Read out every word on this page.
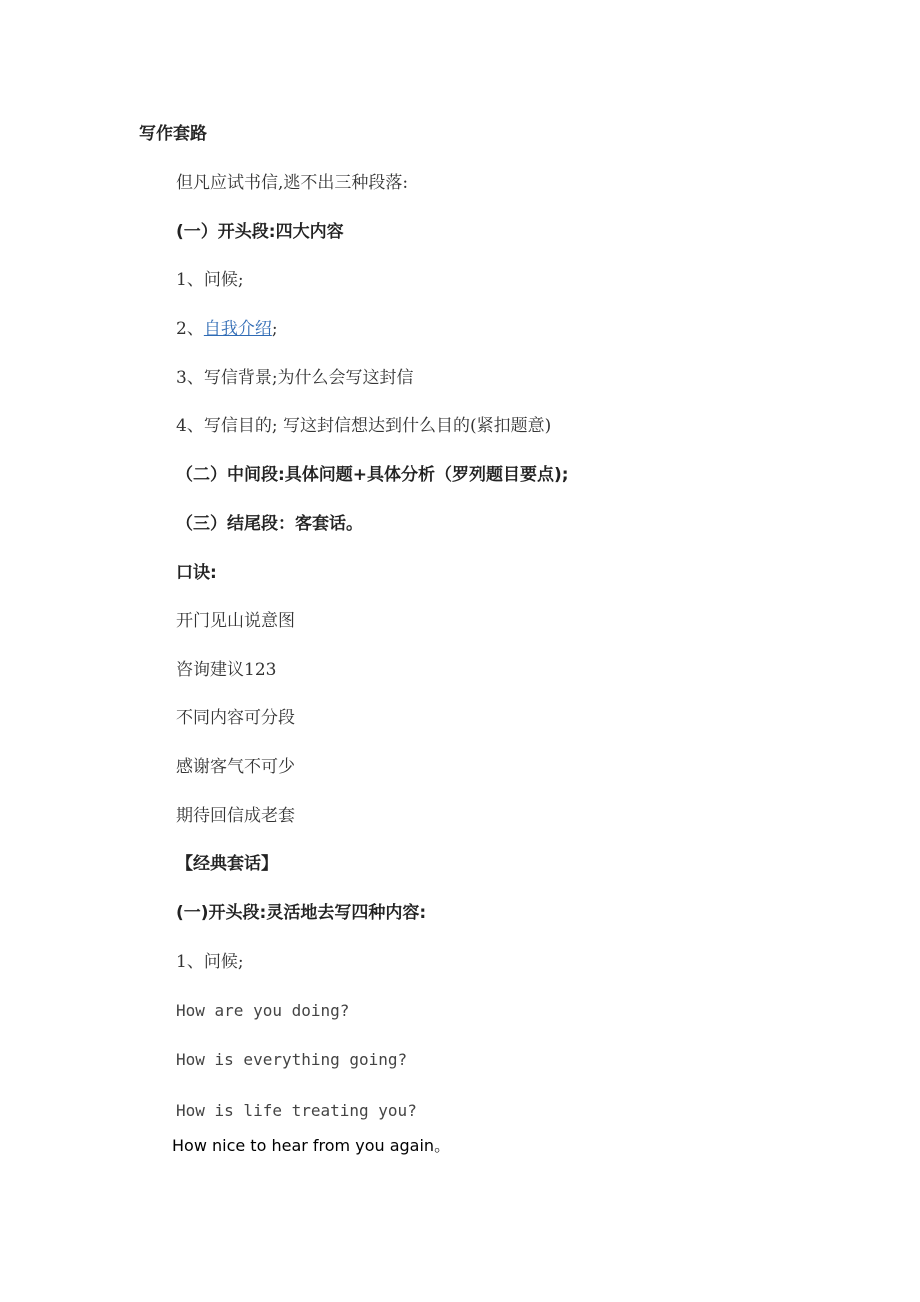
写作套路
但凡应试书信,逃不出三种段落:
(一）开头段:四大内容
1、问候;
2、自我介绍;
3、写信背景;为什么会写这封信
4、写信目的; 写这封信想达到什么目的(紧扣题意)
（二）中间段:具体问题+具体分析（罗列题目要点);
（三）结尾段：客套话。
口诀:
开门见山说意图
咨询建议123
不同内容可分段
感谢客气不可少
期待回信成老套
【经典套话】
(一)开头段:灵活地去写四种内容:
1、问候;
How are you doing?
How is everything going?
How is life treating you?
How nice to hear from you again。
